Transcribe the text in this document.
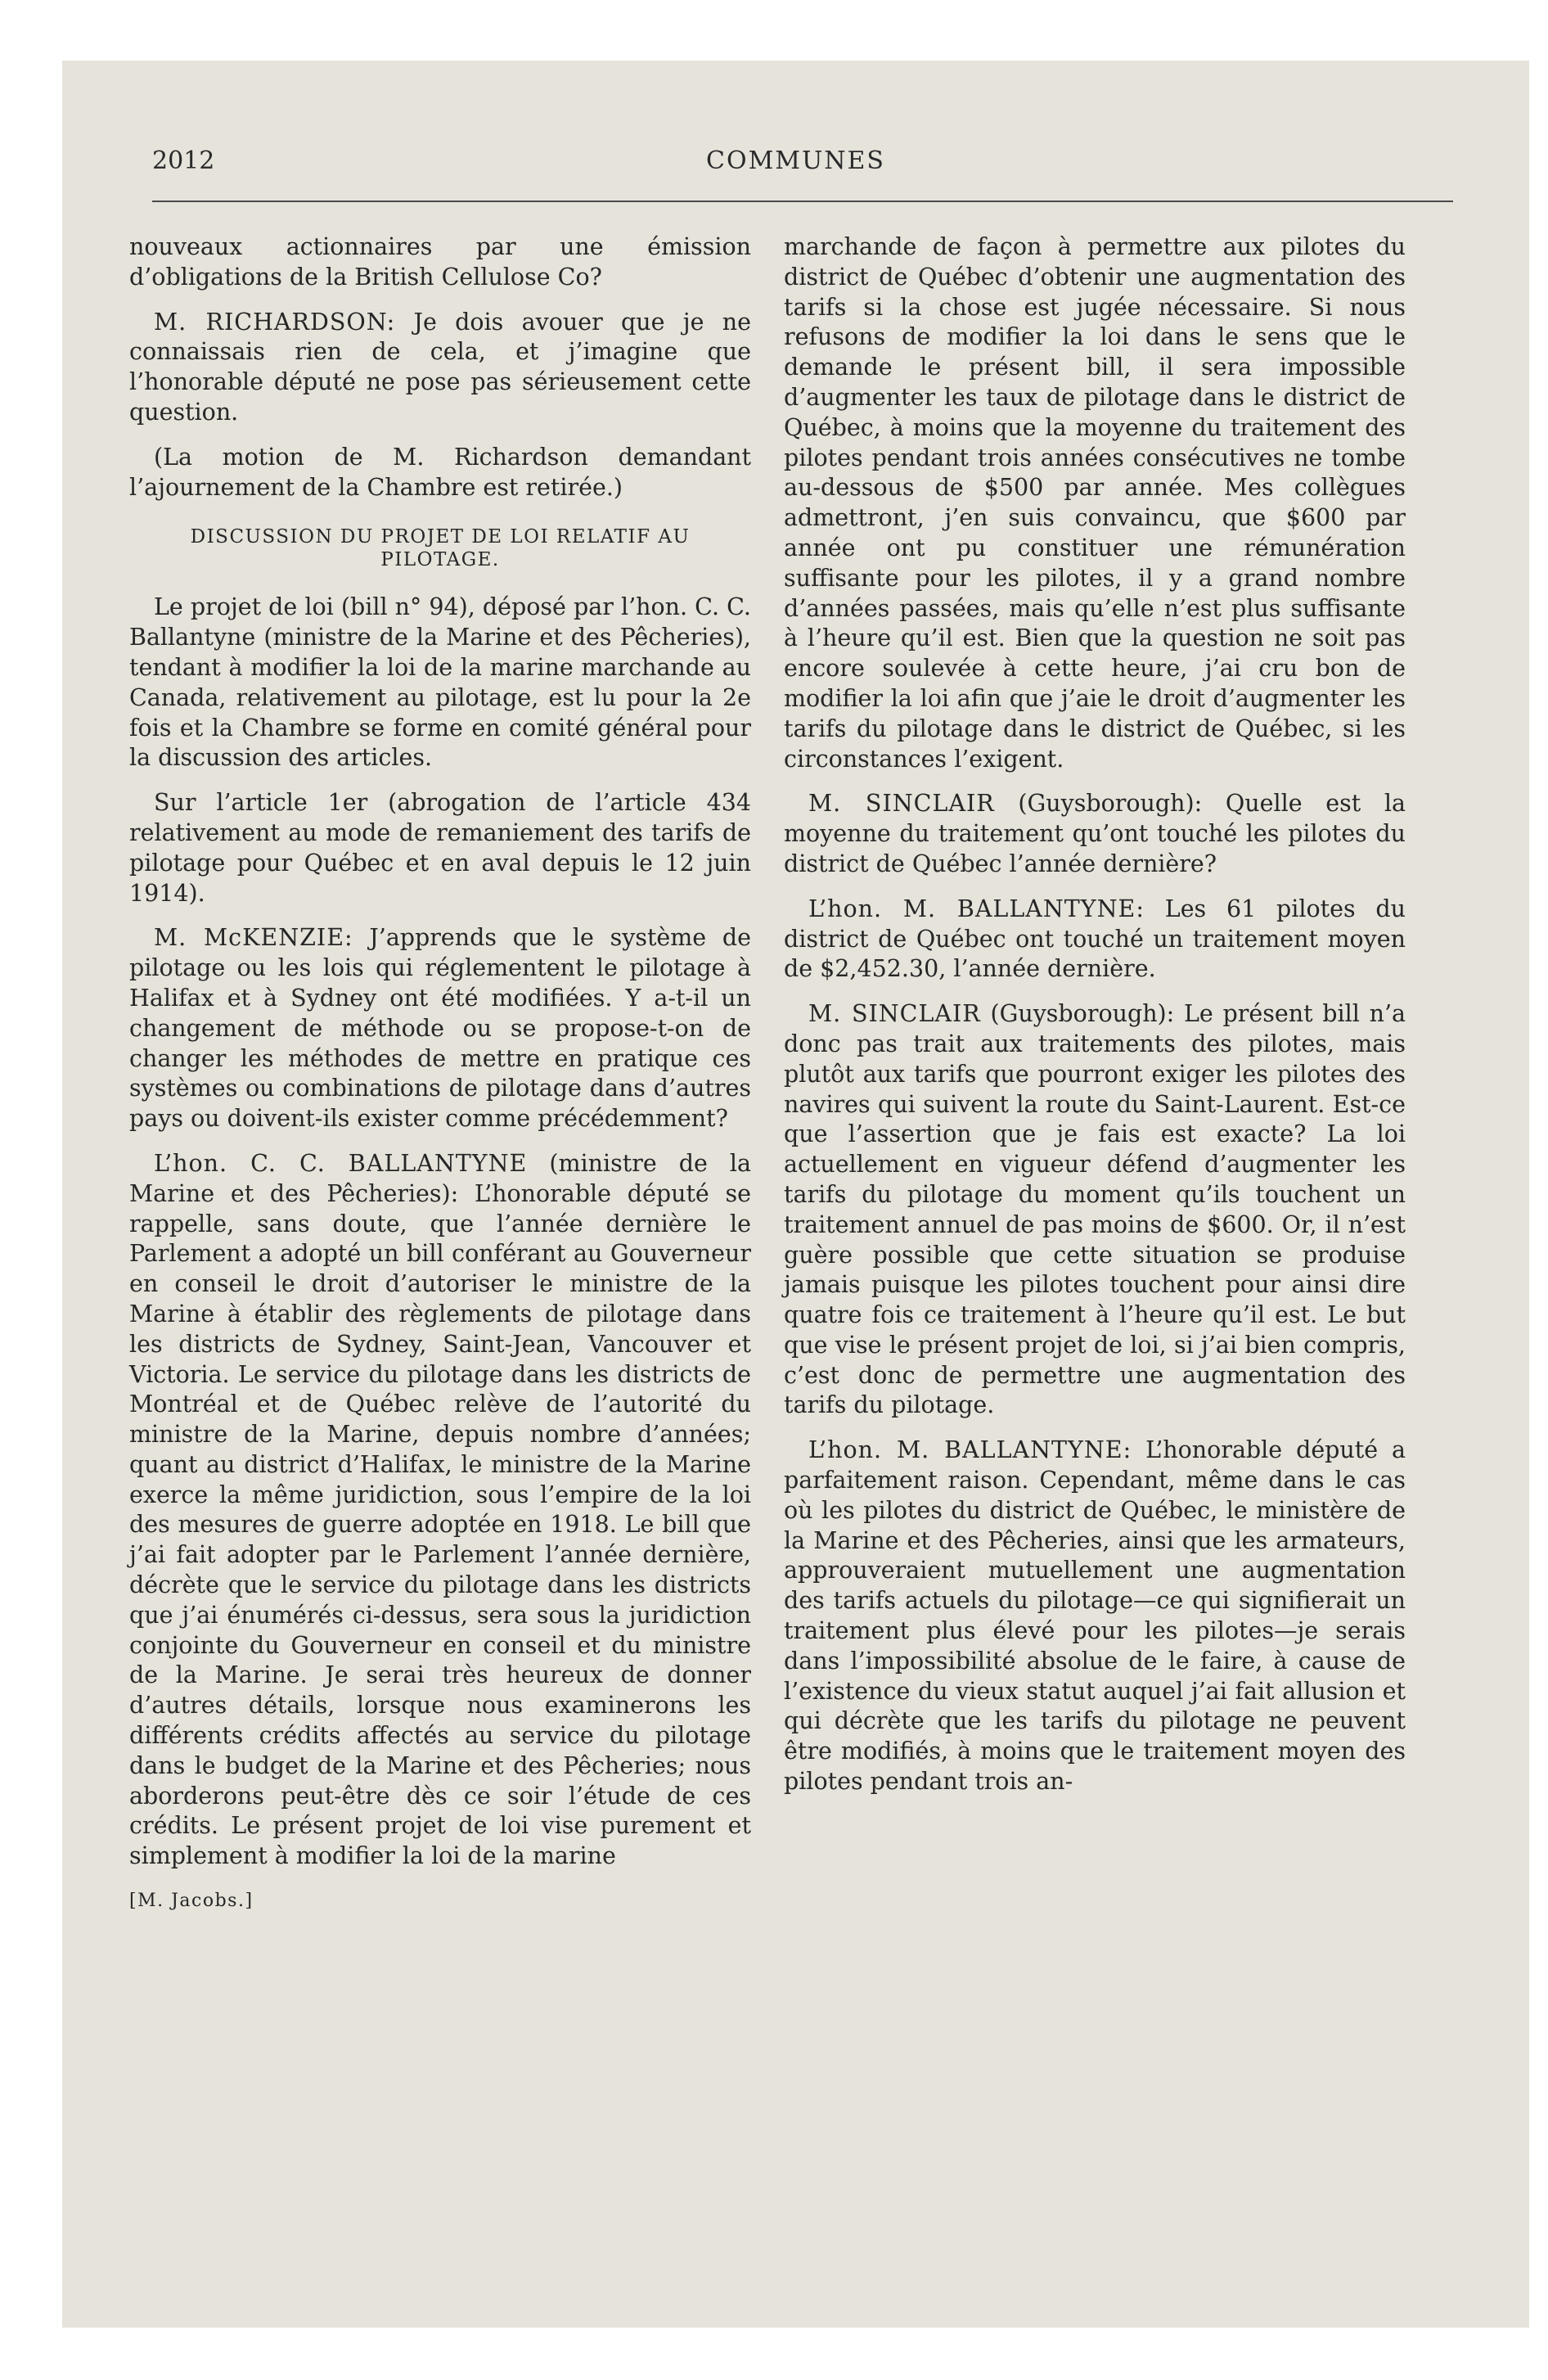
2012	COMMUNES

nouveaux actionnaires par une émission d’obligations de la British Cellulose Co?

M. RICHARDSON: Je dois avouer que je ne connaissais rien de cela, et j’imagine que l’honorable député ne pose pas sérieusement cette question.

(La motion de M. Richardson demandant l’ajournement de la Chambre est retirée.)

DISCUSSION DU PROJET DE LOI RELATIF AU PILOTAGE.

Le projet de loi (bill n° 94), déposé par l’hon. C. C. Ballantyne (ministre de la Marine et des Pêcheries), tendant à modifier la loi de la marine marchande au Canada, relativement au pilotage, est lu pour la 2e fois et la Chambre se forme en comité général pour la discussion des articles.

Sur l’article 1er (abrogation de l’article 434 relativement au mode de remaniement des tarifs de pilotage pour Québec et en aval depuis le 12 juin 1914).

M. McKENZIE: J’apprends que le système de pilotage ou les lois qui réglementent le pilotage à Halifax et à Sydney ont été modifiées. Y a-t-il un changement de méthode ou se propose-t-on de changer les méthodes de mettre en pratique ces systèmes ou combinations de pilotage dans d’autres pays ou doivent-ils exister comme précédemment?

L’hon. C. C. BALLANTYNE (ministre de la Marine et des Pêcheries): L’honorable député se rappelle, sans doute, que l’année dernière le Parlement a adopté un bill conférant au Gouverneur en conseil le droit d’autoriser le ministre de la Marine à établir des règlements de pilotage dans les districts de Sydney, Saint-Jean, Vancouver et Victoria. Le service du pilotage dans les districts de Montréal et de Québec relève de l’autorité du ministre de la Marine, depuis nombre d’années; quant au district d’Halifax, le ministre de la Marine exerce la même juridiction, sous l’empire de la loi des mesures de guerre adoptée en 1918. Le bill que j’ai fait adopter par le Parlement l’année dernière, décrète que le service du pilotage dans les districts que j’ai énumérés ci-dessus, sera sous la juridiction conjointe du Gouverneur en conseil et du ministre de la Marine. Je serai très heureux de donner d’autres détails, lorsque nous examinerons les différents crédits affectés au service du pilotage dans le budget de la Marine et des Pêcheries; nous aborderons peut-être dès ce soir l’étude de ces crédits. Le présent projet de loi vise purement et simplement à modifier la loi de la marine

[M. Jacobs.]

marchande de façon à permettre aux pilotes du district de Québec d’obtenir une augmentation des tarifs si la chose est jugée nécessaire. Si nous refusons de modifier la loi dans le sens que le demande le présent bill, il sera impossible d’augmenter les taux de pilotage dans le district de Québec, à moins que la moyenne du traitement des pilotes pendant trois années consécutives ne tombe au-dessous de $500 par année. Mes collègues admettront, j’en suis convaincu, que $600 par année ont pu constituer une rémunération suffisante pour les pilotes, il y a grand nombre d’années passées, mais qu’elle n’est plus suffisante à l’heure qu’il est. Bien que la question ne soit pas encore soulevée à cette heure, j’ai cru bon de modifier la loi afin que j’aie le droit d’augmenter les tarifs du pilotage dans le district de Québec, si les circonstances l’exigent.

M. SINCLAIR (Guysborough): Quelle est la moyenne du traitement qu’ont touché les pilotes du district de Québec l’année dernière?

L’hon. M. BALLANTYNE: Les 61 pilotes du district de Québec ont touché un traitement moyen de $2,452.30, l’année dernière.

M. SINCLAIR (Guysborough): Le présent bill n’a donc pas trait aux traitements des pilotes, mais plutôt aux tarifs que pourront exiger les pilotes des navires qui suivent la route du Saint-Laurent. Est-ce que l’assertion que je fais est exacte? La loi actuellement en vigueur défend d’augmenter les tarifs du pilotage du moment qu’ils touchent un traitement annuel de pas moins de $600. Or, il n’est guère possible que cette situation se produise jamais puisque les pilotes touchent pour ainsi dire quatre fois ce traitement à l’heure qu’il est. Le but que vise le présent projet de loi, si j’ai bien compris, c’est donc de permettre une augmentation des tarifs du pilotage.

L’hon. M. BALLANTYNE: L’honorable député a parfaitement raison. Cependant, même dans le cas où les pilotes du district de Québec, le ministère de la Marine et des Pêcheries, ainsi que les armateurs, approuveraient mutuellement une augmentation des tarifs actuels du pilotage—ce qui signifierait un traitement plus élevé pour les pilotes—je serais dans l’impossibilité absolue de le faire, à cause de l’existence du vieux statut auquel j’ai fait allusion et qui décrète que les tarifs du pilotage ne peuvent être modifiés, à moins que le traitement moyen des pilotes pendant trois an-
